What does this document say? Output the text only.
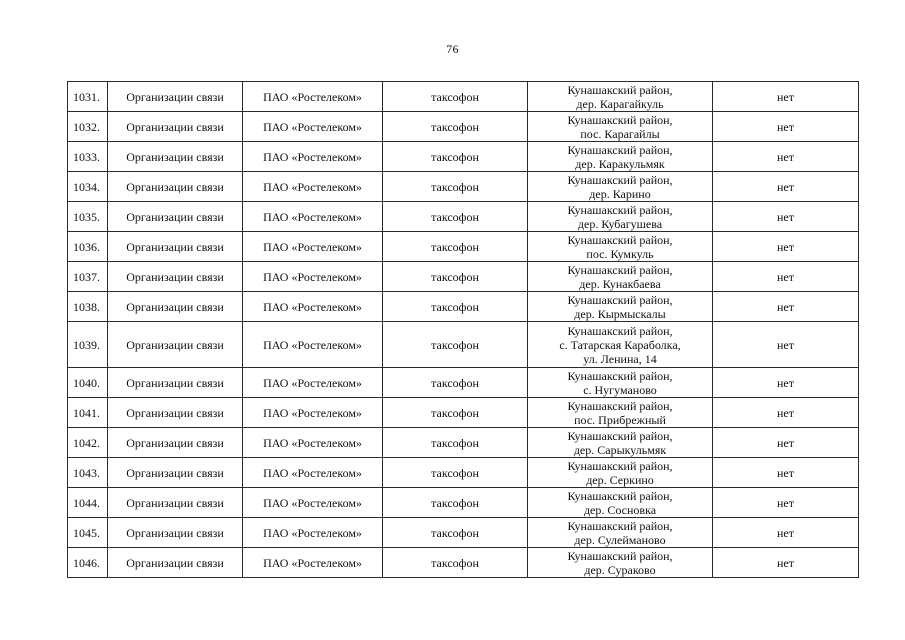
76
1031.	Организации связи	ПАО «Ростелеком»	таксофон	Кунашакский район,
дер. Карагайкуль	нет
1032.	Организации связи	ПАО «Ростелеком»	таксофон	Кунашакский район,
пос. Карагайлы	нет
1033.	Организации связи	ПАО «Ростелеком»	таксофон	Кунашакский район,
дер. Каракульмяк	нет
1034.	Организации связи	ПАО «Ростелеком»	таксофон	Кунашакский район,
дер. Карино	нет
1035.	Организации связи	ПАО «Ростелеком»	таксофон	Кунашакский район,
дер. Кубагушева	нет
1036.	Организации связи	ПАО «Ростелеком»	таксофон	Кунашакский район,
пос. Кумкуль	нет
1037.	Организации связи	ПАО «Ростелеком»	таксофон	Кунашакский район,
дер. Кунакбаева	нет
1038.	Организации связи	ПАО «Ростелеком»	таксофон	Кунашакский район,
дер. Кырмыскалы	нет
1039.	Организации связи	ПАО «Ростелеком»	таксофон	Кунашакский район,
с. Татарская Караболка,
ул. Ленина, 14	нет
1040.	Организации связи	ПАО «Ростелеком»	таксофон	Кунашакский район,
с. Нугуманово	нет
1041.	Организации связи	ПАО «Ростелеком»	таксофон	Кунашакский район,
пос. Прибрежный	нет
1042.	Организации связи	ПАО «Ростелеком»	таксофон	Кунашакский район,
дер. Сарыкульмяк	нет
1043.	Организации связи	ПАО «Ростелеком»	таксофон	Кунашакский район,
дер. Серкино	нет
1044.	Организации связи	ПАО «Ростелеком»	таксофон	Кунашакский район,
дер. Сосновка	нет
1045.	Организации связи	ПАО «Ростелеком»	таксофон	Кунашакский район,
дер. Сулейманово	нет
1046.	Организации связи	ПАО «Ростелеком»	таксофон	Кунашакский район,
дер. Сураково	нет
